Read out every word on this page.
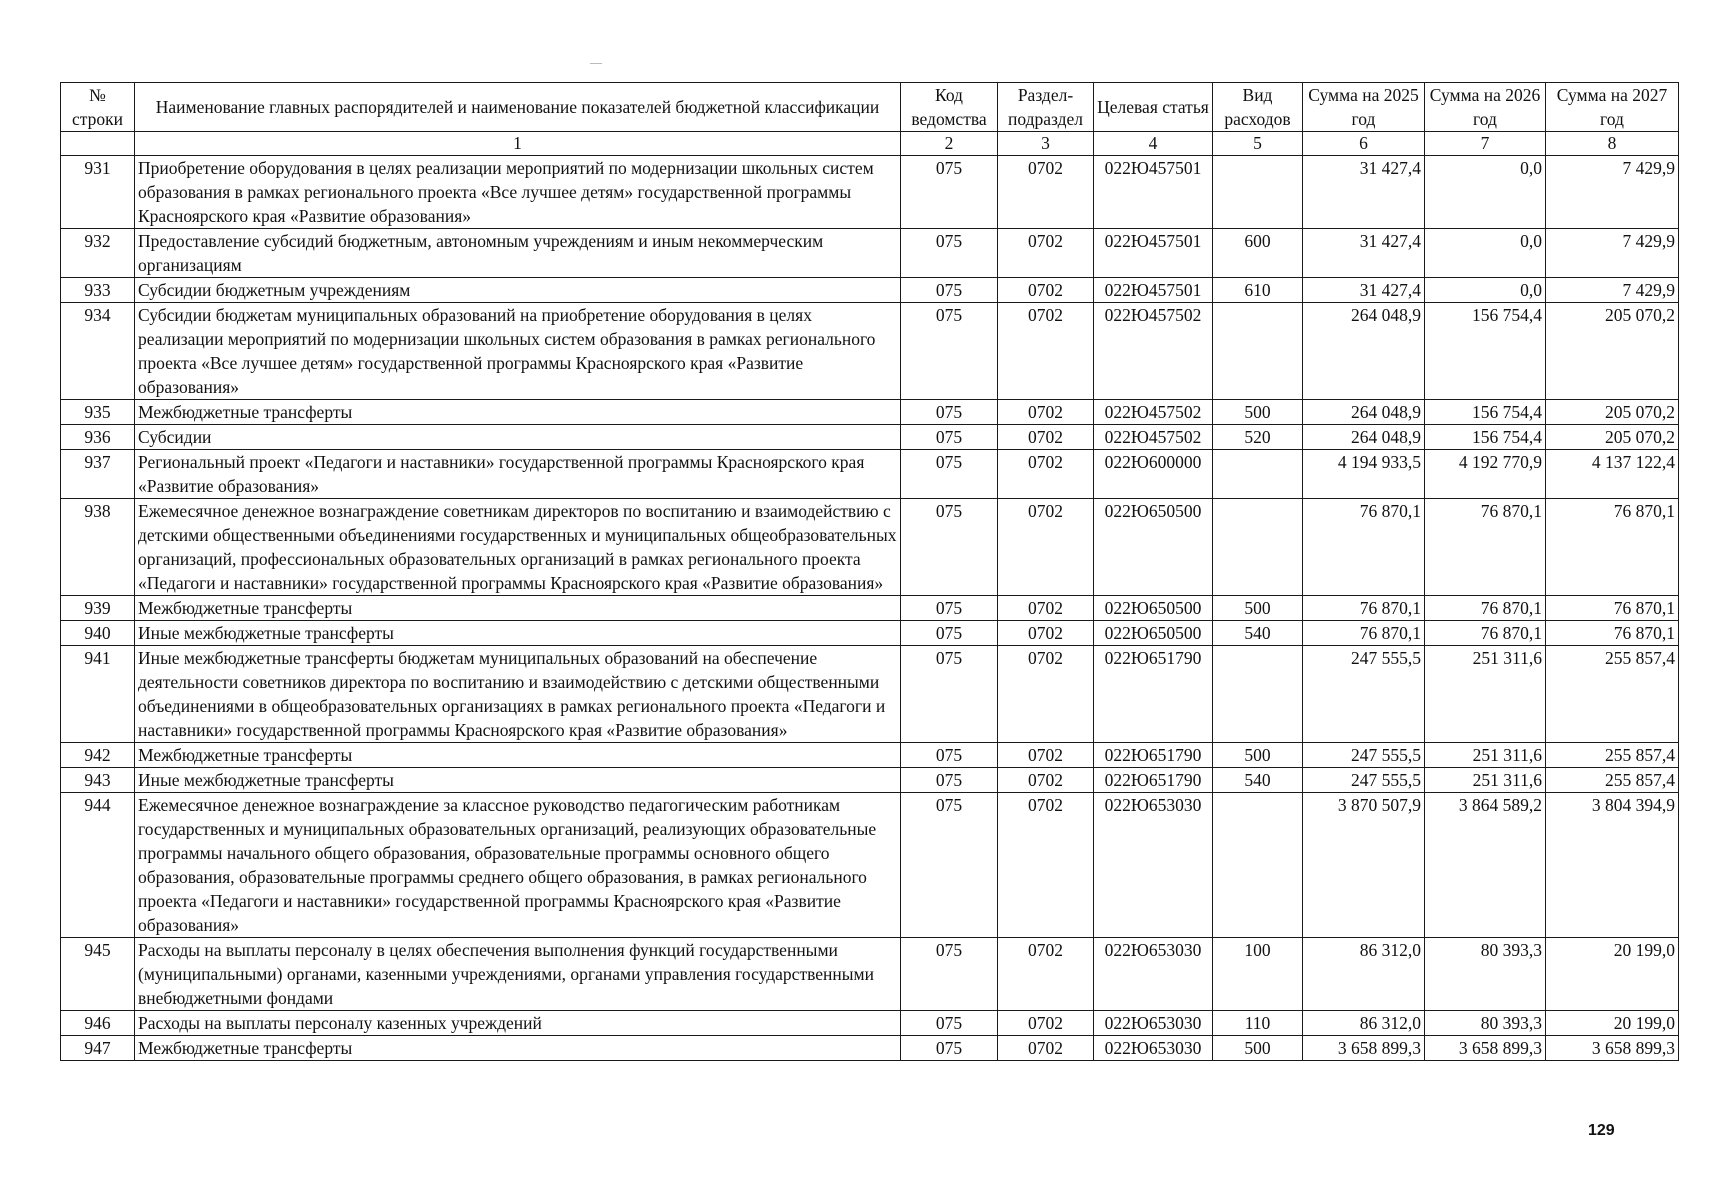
№ строки	Наименование главных распорядителей и наименование показателей бюджетной классификации	Код ведомства	Раздел-подраздел	Целевая статья	Вид расходов	Сумма на 2025 год	Сумма на 2026 год	Сумма на 2027 год
	1	2	3	4	5	6	7	8
931	Приобретение оборудования в целях реализации мероприятий по модернизации школьных систем образования в рамках регионального проекта «Все лучшее детям» государственной программы Красноярского края «Развитие образования»	075	0702	022Ю457501		31 427,4	0,0	7 429,9
932	Предоставление субсидий бюджетным, автономным учреждениям и иным некоммерческим организациям	075	0702	022Ю457501	600	31 427,4	0,0	7 429,9
933	Субсидии бюджетным учреждениям	075	0702	022Ю457501	610	31 427,4	0,0	7 429,9
934	Субсидии бюджетам муниципальных образований на приобретение оборудования в целях реализации мероприятий по модернизации школьных систем образования в рамках регионального проекта «Все лучшее детям» государственной программы Красноярского края «Развитие образования»	075	0702	022Ю457502		264 048,9	156 754,4	205 070,2
935	Межбюджетные трансферты	075	0702	022Ю457502	500	264 048,9	156 754,4	205 070,2
936	Субсидии	075	0702	022Ю457502	520	264 048,9	156 754,4	205 070,2
937	Региональный проект «Педагоги и наставники» государственной программы Красноярского края «Развитие образования»	075	0702	022Ю600000		4 194 933,5	4 192 770,9	4 137 122,4
938	Ежемесячное денежное вознаграждение советникам директоров по воспитанию и взаимодействию с детскими общественными объединениями государственных и муниципальных общеобразовательных организаций, профессиональных образовательных организаций в рамках регионального проекта «Педагоги и наставники» государственной программы Красноярского края «Развитие образования»	075	0702	022Ю650500		76 870,1	76 870,1	76 870,1
939	Межбюджетные трансферты	075	0702	022Ю650500	500	76 870,1	76 870,1	76 870,1
940	Иные межбюджетные трансферты	075	0702	022Ю650500	540	76 870,1	76 870,1	76 870,1
941	Иные межбюджетные трансферты бюджетам муниципальных образований на обеспечение деятельности советников директора по воспитанию и взаимодействию с детскими общественными объединениями в общеобразовательных организациях в рамках регионального проекта «Педагоги и наставники» государственной программы Красноярского края «Развитие образования»	075	0702	022Ю651790		247 555,5	251 311,6	255 857,4
942	Межбюджетные трансферты	075	0702	022Ю651790	500	247 555,5	251 311,6	255 857,4
943	Иные межбюджетные трансферты	075	0702	022Ю651790	540	247 555,5	251 311,6	255 857,4
944	Ежемесячное денежное вознаграждение за классное руководство педагогическим работникам государственных и муниципальных образовательных организаций, реализующих образовательные программы начального общего образования, образовательные программы основного общего образования, образовательные программы среднего общего образования, в рамках регионального проекта «Педагоги и наставники» государственной программы Красноярского края «Развитие образования»	075	0702	022Ю653030		3 870 507,9	3 864 589,2	3 804 394,9
945	Расходы на выплаты персоналу в целях обеспечения выполнения функций государственными (муниципальными) органами, казенными учреждениями, органами управления государственными внебюджетными фондами	075	0702	022Ю653030	100	86 312,0	80 393,3	20 199,0
946	Расходы на выплаты персоналу казенных учреждений	075	0702	022Ю653030	110	86 312,0	80 393,3	20 199,0
947	Межбюджетные трансферты	075	0702	022Ю653030	500	3 658 899,3	3 658 899,3	3 658 899,3
129
